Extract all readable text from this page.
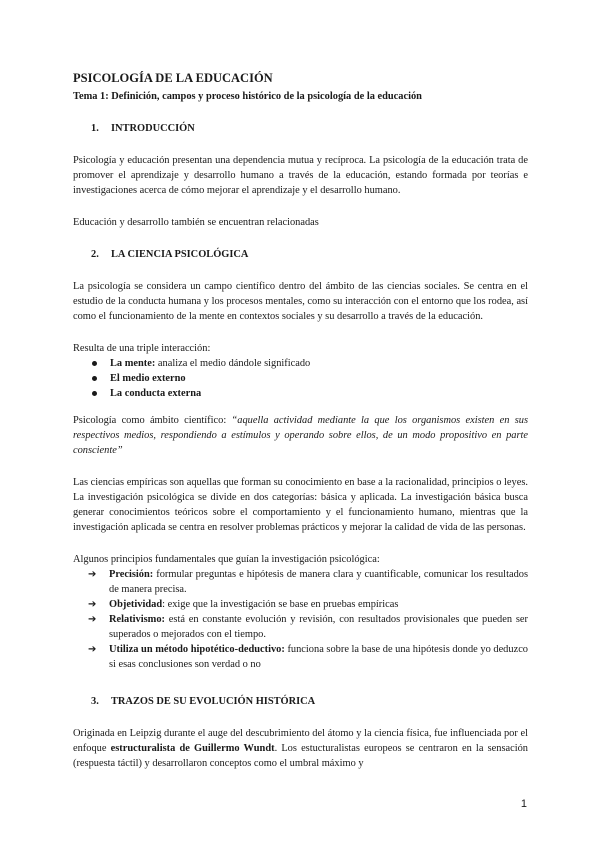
PSICOLOGÍA DE LA EDUCACIÓN
Tema 1: Definición, campos y proceso histórico de la psicología de la educación
1.	INTRODUCCIÓN

Psicología y educación presentan una dependencia mutua y recíproca. La psicología de la educación trata de promover el aprendizaje y desarrollo humano a través de la educación, estando formada por teorías e investigaciones acerca de cómo mejorar el aprendizaje y el desarrollo humano.

Educación y desarrollo también se encuentran relacionadas

2.	LA CIENCIA PSICOLÓGICA

La psicología se considera un campo científico dentro del ámbito de las ciencias sociales. Se centra en el estudio de la conducta humana y los procesos mentales, como su interacción con el entorno que los rodea, así como el funcionamiento de la mente en contextos sociales y su desarrollo a través de la educación.

Resulta de una triple interacción:

La mente: analiza el medio dándole significado
El medio externo
La conducta externa

Psicología como ámbito científico: “aquella actividad mediante la que los organismos existen en sus respectivos medios, respondiendo a estímulos y operando sobre ellos, de un modo propositivo en parte consciente”

Las ciencias empíricas son aquellas que forman su conocimiento en base a la racionalidad, principios o leyes. La investigación psicológica se divide en dos categorías: básica y aplicada. La investigación básica busca generar conocimientos teóricos sobre el comportamiento y el funcionamiento humano, mientras que la investigación aplicada se centra en resolver problemas prácticos y mejorar la calidad de vida de las personas.

Algunos principios fundamentales que guían la investigación psicológica:

➔ Precisión: formular preguntas e hipótesis de manera clara y cuantificable, comunicar los resultados de manera precisa.
➔ Objetividad: exige que la investigación se base en pruebas empíricas
➔ Relativismo: está en constante evolución y revisión, con resultados provisionales que pueden ser superados o mejorados con el tiempo.
➔ Utiliza un método hipotético-deductivo: funciona sobre la base de una hipótesis donde yo deduzco si esas conclusiones son verdad o no
3.	TRAZOS DE SU EVOLUCIÓN HISTÓRICA

Originada en Leipzig durante el auge del descubrimiento del átomo y la ciencia física, fue influenciada por el enfoque estructuralista de Guillermo Wundt. Los estucturalistas europeos se centraron en la sensación (respuesta táctil) y desarrollaron conceptos como el umbral máximo y

1
